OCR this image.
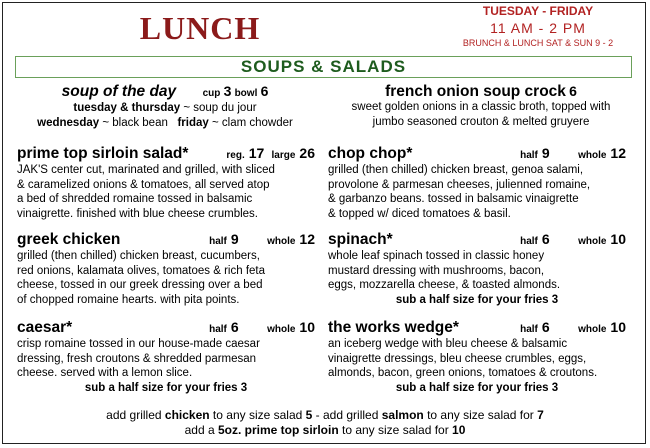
LUNCH	TUESDAY - FRIDAY
11 AM - 2 PM
BRUNCH & LUNCH SAT & SUN 9 - 2
SOUPS & SALADS
soup of the day	cup 3 bowl 6
tuesday & thursday ~ soup du jour
wednesday ~ black bean friday ~ clam chowder
french onion soup crock 6
sweet golden onions in a classic broth, topped with
jumbo seasoned crouton & melted gruyere
prime top sirloin salad*	reg. 17 large 26
JAK'S center cut, marinated and grilled, with sliced
& caramelized onions & tomatoes, all served atop
a bed of shredded romaine tossed in balsamic
vinaigrette. finished with blue cheese crumbles.
chop chop*	half 9	whole 12
grilled (then chilled) chicken breast, genoa salami,
provolone & parmesan cheeses, julienned romaine,
& garbanzo beans. tossed in balsamic vinaigrette
& topped w/ diced tomatoes & basil.
greek chicken	half 9	whole 12
grilled (then chilled) chicken breast, cucumbers,
red onions, kalamata olives, tomatoes & rich feta
cheese, tossed in our greek dressing over a bed
of chopped romaine hearts. with pita points.
spinach*	half 6	whole 10
whole leaf spinach tossed in classic honey
mustard dressing with mushrooms, bacon,
eggs, mozzarella cheese, & toasted almonds.
sub a half size for your fries 3
caesar*	half 6	whole 10
crisp romaine tossed in our house-made caesar
dressing, fresh croutons & shredded parmesan
cheese. served with a lemon slice.
sub a half size for your fries 3
the works wedge*	half 6	whole 10
an iceberg wedge with bleu cheese & balsamic
vinaigrette dressings, bleu cheese crumbles, eggs,
almonds, bacon, green onions, tomatoes & croutons.
sub a half size for your fries 3
add grilled chicken to any size salad 5 - add grilled salmon to any size salad for 7
add a 5oz. prime top sirloin to any size salad for 10
